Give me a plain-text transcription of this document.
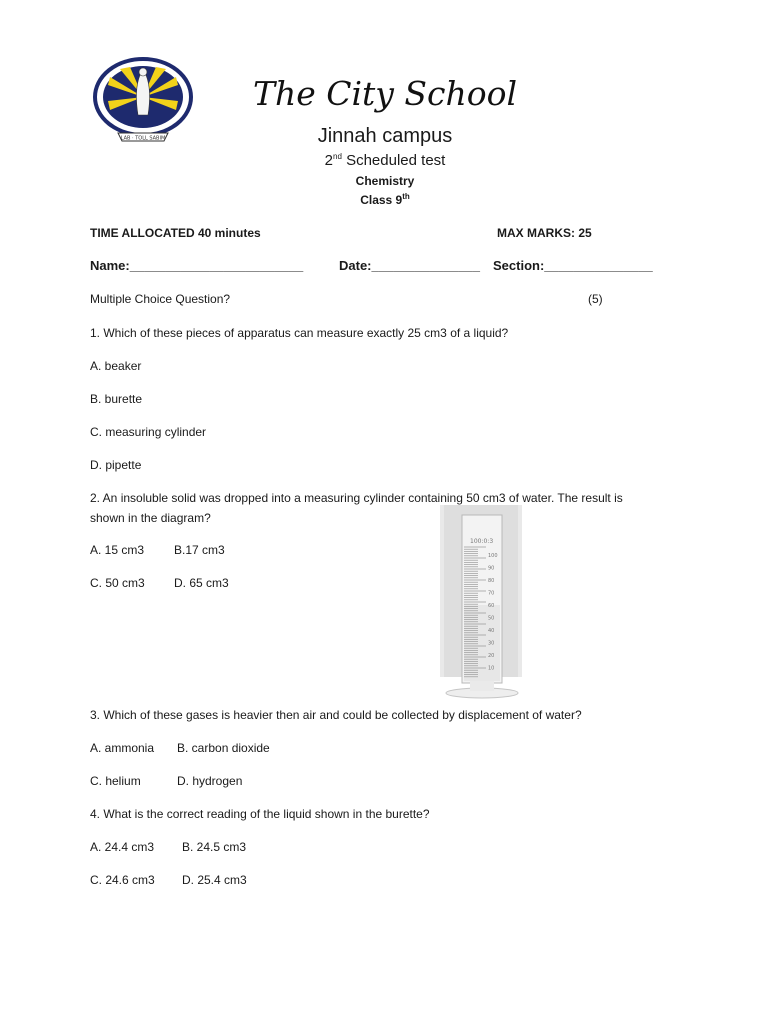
LAB · TOLL SABIM
The City School
Jinnah campus
2nd Scheduled test
Chemistry
Class 9th
TIME ALLOCATED 40 minutes	MAX MARKS: 25
Name:________________________	Date:_______________ Section:_______________
Multiple Choice Question?	(5)
1. Which of these pieces of apparatus can measure exactly 25 cm3 of a liquid?
A. beaker
B. burette
C. measuring cylinder
D. pipette
2. An insoluble solid was dropped into a measuring cylinder containing 50 cm3 of water. The result is
shown in the diagram?
A. 15 cm3 B.17 cm3
C. 50 cm3 D. 65 cm3
100
90
80
70
60
50
40
30
20
10
100:0:3
3. Which of these gases is heavier then air and could be collected by displacement of water?
A. ammonia B. carbon dioxide
C. helium	D. hydrogen
4. What is the correct reading of the liquid shown in the burette?
A. 24.4 cm3 B. 24.5 cm3
C. 24.6 cm3 D. 25.4 cm3
